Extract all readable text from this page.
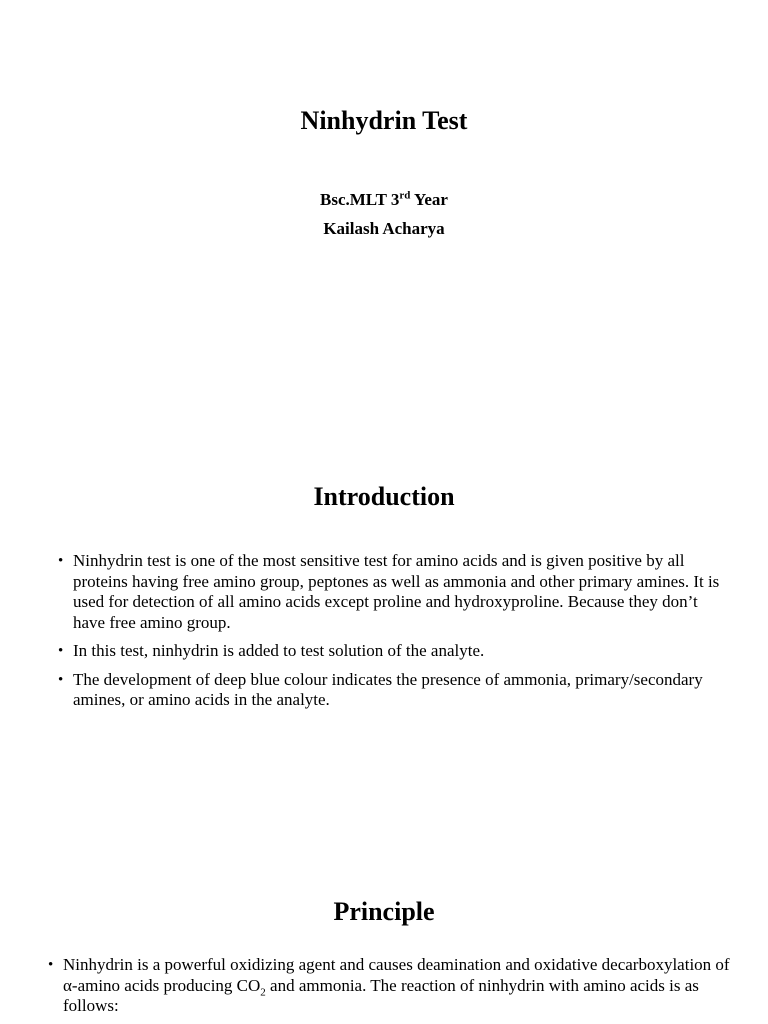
Ninhydrin Test

Bsc.MLT 3rd Year

Kailash Acharya

Introduction
• Ninhydrin test is one of the most sensitive test for amino acids and is given positive by all proteins having free amino group, peptones as well as ammonia and other primary amines. It is used for detection of all amino acids except proline and hydroxyproline. Because they don’t have free amino group.
• In this test, ninhydrin is added to test solution of the analyte.
• The development of deep blue colour indicates the presence of ammonia, primary/secondary amines, or amino acids in the analyte.
Principle
• Ninhydrin is a powerful oxidizing agent and causes deamination and oxidative decarboxylation of α-amino acids producing $CO_2$ and ammonia. The reaction of ninhydrin with amino acids is as follows:
